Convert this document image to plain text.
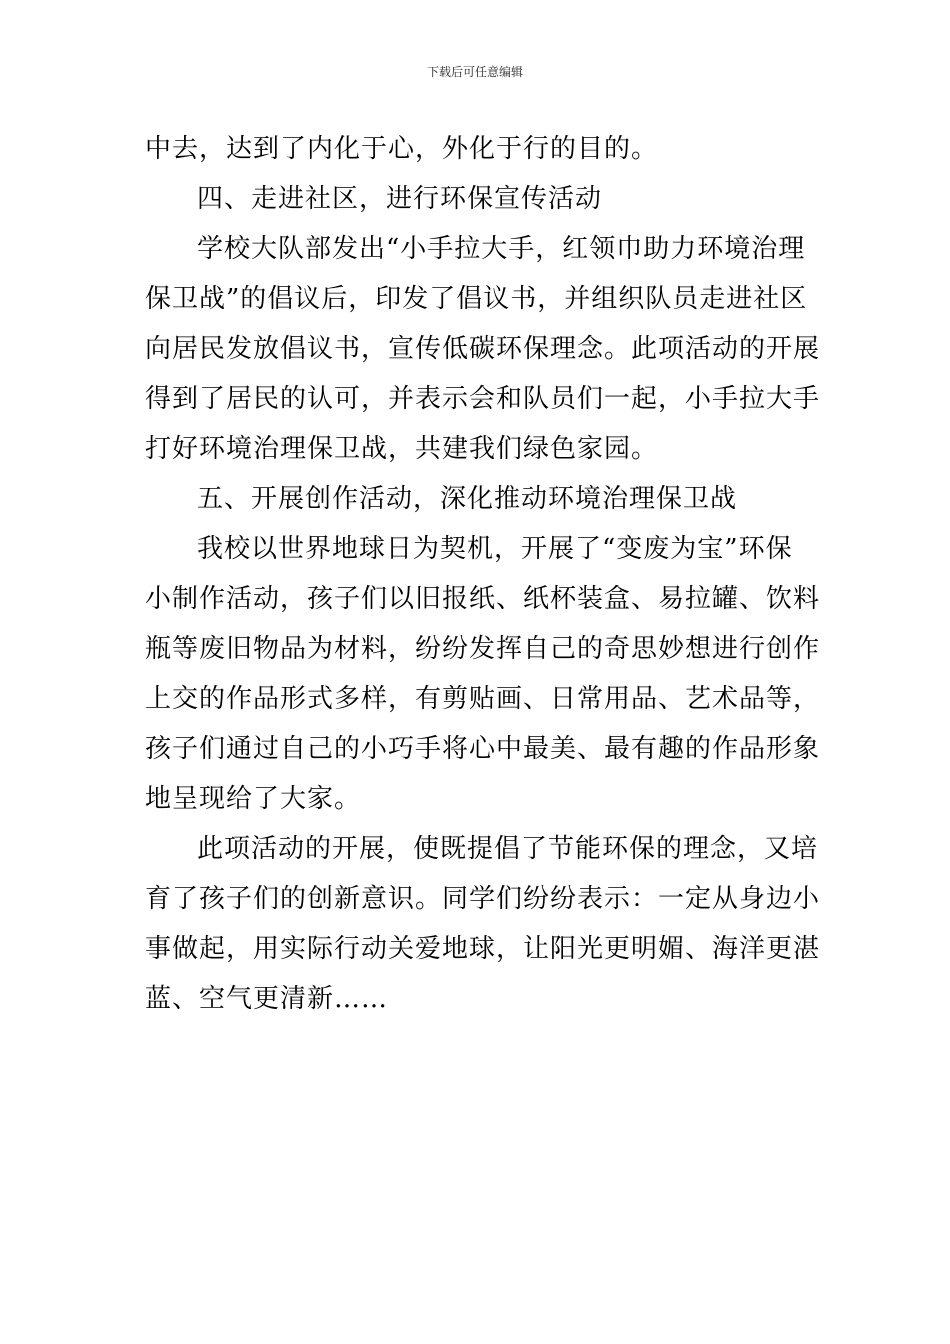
下载后可任意编辑
中去，达到了内化于心，外化于行的目的。
四、走进社区，进行环保宣传活动
学校大队部发出“小手拉大手，红领巾助力环境治理
保卫战”的倡议后，印发了倡议书，并组织队员走进社区
向居民发放倡议书，宣传低碳环保理念。此项活动的开展
得到了居民的认可，并表示会和队员们一起，小手拉大手
打好环境治理保卫战，共建我们绿色家园。
五、开展创作活动，深化推动环境治理保卫战
我校以世界地球日为契机，开展了“变废为宝”环保
小制作活动，孩子们以旧报纸、纸杯装盒、易拉罐、饮料
瓶等废旧物品为材料，纷纷发挥自己的奇思妙想进行创作
上交的作品形式多样，有剪贴画、日常用品、艺术品等，
孩子们通过自己的小巧手将心中最美、最有趣的作品形象
地呈现给了大家。
此项活动的开展，使既提倡了节能环保的理念，又培
育了孩子们的创新意识。同学们纷纷表示：一定从身边小
事做起，用实际行动关爱地球，让阳光更明媚、海洋更湛
蓝、空气更清新……
